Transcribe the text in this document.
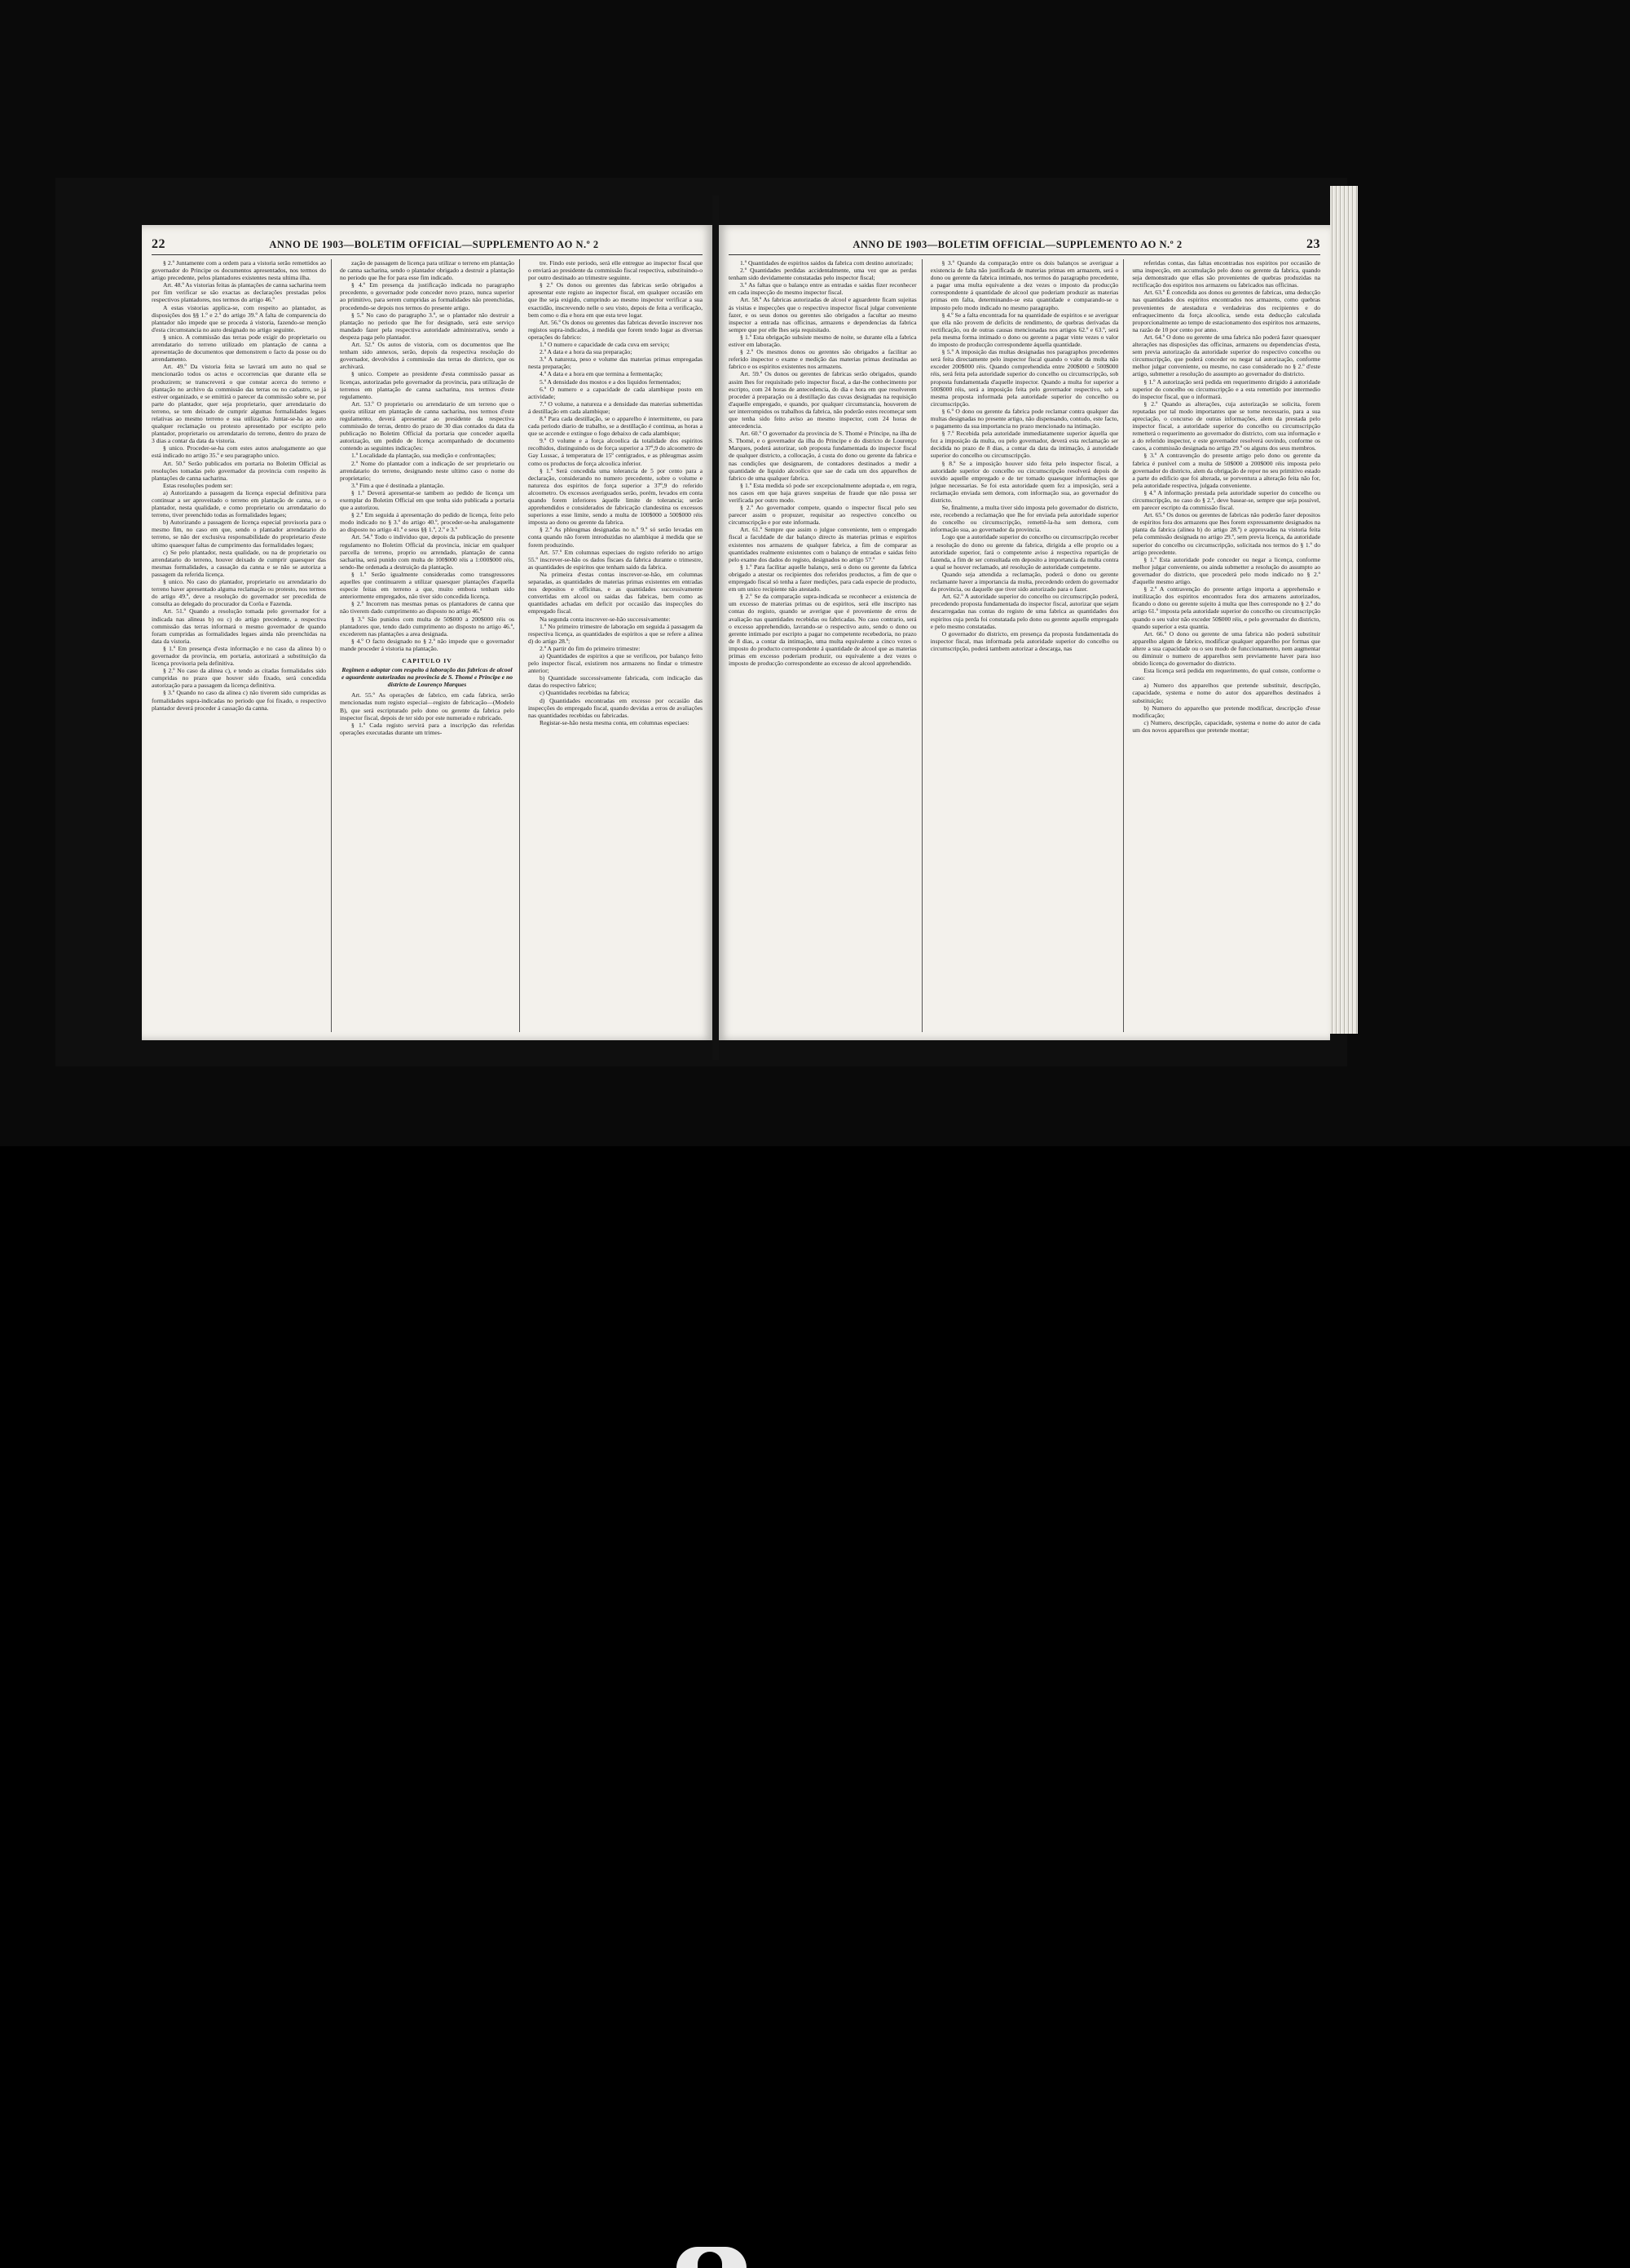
22	ANNO DE 1903—BOLETIM OFFICIAL—SUPPLEMENTO AO N.º 2

§ 2.º Juntamente com a ordem para a vistoria serão remettidos ao governador do Principe os documentos apresentados, nos termos do artigo precedente, pelos plantadores existentes nesta ultima ilha.

Art. 48.º As vistorias feitas ás plantações de canna sacharina teem por fim verificar se são exactas as declarações prestadas pelos respectivos plantadores, nos termos do artigo 46.º

A estas vistorias applica-se, com respeito ao plantador, as disposições dos §§ 1.º e 2.º do artigo 39.º A falta de comparencia do plantador não impede que se proceda á vistoria, fazendo-se menção d'esta circumstancia no auto designado no artigo seguinte.

§ unico. A commissão das terras pode exigir do proprietario ou arrendatario do terreno utilizado em plantação de canna a apresentação de documentos que demonstrem o facto da posse ou do arrendamento.

Art. 49.º Da vistoria feita se lavrará um auto no qual se mencionarão todos os actos e occorrencias que durante ella se produzirem; se transcreverá o que constar acerca do terreno e plantação no archivo da commissão das terras ou no cadastro, se já estiver organizado, e se emittirá o parecer da commissão sobre se, por parte do plantador, quer seja proprietario, quer arrendatario do terreno, se tem deixado de cumprir algumas formalidades legaes relativas ao mesmo terreno e sua utilização. Juntar-se-ha ao auto qualquer reclamação ou protesto apresentado por escripto pelo plantador, proprietario ou arrendatario do terreno, dentro do prazo de 3 dias a contar da data da vistoria.

§ unico. Proceder-se-ha com estes autos analogamente ao que está indicado no artigo 35.º e seu paragrapho unico.

Art. 50.º Serão publicados em portaria no Boletim Official as resoluções tomadas pelo governador da provincia com respeito ás plantações de canna sacharina.

Estas resoluções podem ser:

a) Autorizando a passagem da licença especial definitiva para continuar a ser aproveitado o terreno em plantação de canna, se o plantador, nesta qualidade, e como proprietario ou arrendatario do terreno, tiver preenchido todas as formalidades legaes;

b) Autorizando a passagem de licença especial provisoria para o mesmo fim, no caso em que, sendo o plantador arrendatario do terreno, se não der exclusiva responsabilidade do proprietario d'este ultimo quaesquer faltas de cumprimento das formalidades legaes;

c) Se pelo plantador, nesta qualidade, ou na de proprietario ou arrendatario do terreno, houver deixado de cumprir quaesquer das mesmas formalidades, a cassação da canna e se não se autoriza a passagem da referida licença.

§ unico. No caso do plantador, proprietario ou arrendatario do terreno haver apresentado alguma reclamação ou protesto, nos termos do artigo 49.º, deve a resolução do governador ser precedida de consulta ao delegado do procurador da Corôa e Fazenda.

Art. 51.º Quando a resolução tomada pelo governador for a indicada nas alineas b) ou c) do artigo precedente, a respectiva commissão das terras informará o mesmo governador de quando foram cumpridas as formalidades legaes ainda não preenchidas na data da vistoria.

§ 1.º Em presença d'esta informação e no caso da alinea b) o governador da provincia, em portaria, autorizará a substituição da licença provisoria pela definitiva.

§ 2.º No caso da alinea c), e tendo as citadas formalidades sido cumpridas no prazo que houver sido fixado, será concedida autorização para a passagem da licença definitiva.

§ 3.º Quando no caso da alinea c) não tiverem sido cumpridas as formalidades supra-indicadas no periodo que foi fixado, o respectivo plantador deverá proceder á cassação da canna.

zação de passagem de licença para utilizar o terreno em plantação de canna sacharina, sendo o plantador obrigado a destruir a plantação no periodo que lhe for para esse fim indicado.

§ 4.º Em presença da justificação indicada no paragrapho precedente, o governador pode conceder novo prazo, nunca superior ao primitivo, para serem cumpridas as formalidades não preenchidas, procedendo-se depois nos termos do presente artigo.

§ 5.º No caso do paragrapho 3.º, se o plantador não destruir a plantação no periodo que lhe for designado, será este serviço mandado fazer pela respectiva autoridade administrativa, sendo a despeza paga pelo plantador.

Art. 52.º Os autos de vistoria, com os documentos que lhe tenham sido annexos, serão, depois da respectiva resolução do governador, devolvidos á commissão das terras do districto, que os archivará.

§ unico. Compete ao presidente d'esta commissão passar as licenças, autorizadas pelo governador da provincia, para utilização de terrenos em plantação de canna sacharina, nos termos d'este regulamento.

Art. 53.º O proprietario ou arrendatario de um terreno que o queira utilizar em plantação de canna sacharina, nos termos d'este regulamento, deverá apresentar ao presidente da respectiva commissão de terras, dentro do prazo de 30 dias contados da data da publicação no Boletim Official da portaria que conceder aquella autorização, um pedido de licença acompanhado de documento contendo as seguintes indicações:

1.º Localidade da plantação, sua medição e confrontações;

2.º Nome do plantador com a indicação de ser proprietario ou arrendatario do terreno, designando neste ultimo caso o nome do proprietario;

3.º Fim a que é destinada a plantação.

§ 1.º Deverá apresentar-se tambem ao pedido de licença um exemplar do Boletim Official em que tenha sido publicada a portaria que a autorizou.

§ 2.º Em seguida á apresentação do pedido de licença, feito pelo modo indicado no § 3.º do artigo 40.º, proceder-se-ha analogamente ao disposto no artigo 41.º e seus §§ 1.º, 2.º e 3.º

Art. 54.º Todo o individuo que, depois da publicação do presente regulamento no Boletim Official da provincia, iniciar em qualquer parcella de terreno, proprio ou arrendado, plantação de canna sacharina, será punido com multa de 100$000 réis a 1:000$000 réis, sendo-lhe ordenada a destruição da plantação.

§ 1.º Serão igualmente consideradas como transgressores aquelles que continuarem a utilizar quaesquer plantações d'aquella especie feitas em terreno a que, muito embora tenham sido anteriormente empregados, não tiver sido concedida licença.

§ 2.º Incorrem nas mesmas penas os plantadores de canna que não tiverem dado cumprimento ao disposto no artigo 46.º

§ 3.º São punidos com multa de 50$000 a 200$000 réis os plantadores que, tendo dado cumprimento ao disposto no artigo 46.º, excederem nas plantações a area designada.

§ 4.º O facto designado no § 2.º não impede que o governador mande proceder á vistoria na plantação.

CAPITULO IV

Regimen a adoptar com respeito á laboração das fabricas de alcool e aguardente autorizadas na provincia de S. Thomé e Principe e no districto de Lourenço Marques

Art. 55.º As operações de fabrico, em cada fabrica, serão mencionadas num registo especial—registo de fabricação—(Modelo B), que será escripturado pelo dono ou gerente da fabrica pelo inspector fiscal, depois de ter sido por este numerado e rubricado.

§ 1.º Cada registo servirá para a inscripção das referidas operações executadas durante um trimes-

tre. Findo este periodo, será elle entregue ao inspector fiscal que o enviará ao presidente da commissão fiscal respectiva, substituindo-o por outro destinado ao trimestre seguinte.

§ 2.º Os donos ou gerentes das fabricas serão obrigados a apresentar este registo ao inspector fiscal, em qualquer occasião em que lhe seja exigido, cumprindo ao mesmo inspector verificar a sua exactidão, inscrevendo nelle o seu visto, depois de feita a verificação, bem como o dia e hora em que esta teve logar.

Art. 56.º Os donos ou gerentes das fabricas deverão inscrever nos registos supra-indicados, á medida que forem tendo logar as diversas operações do fabrico:

1.º O numero e capacidade de cada cuva em serviço;

2.º A data e a hora da sua preparação;

3.º A natureza, peso e volume das materias primas empregadas nesta preparação;

4.º A data e a hora em que termina a fermentação;

5.º A densidade dos mostos e a dos liquidos fermentados;

6.º O numero e a capacidade de cada alambique posto em actividade;

7.º O volume, a natureza e a densidade das materias submettidas á destillação em cada alambique;

8.º Para cada destillação, se o apparelho é intermittente, ou para cada periodo diario de trabalho, se a destillação é continua, as horas a que se accende e extingue o fogo debaixo de cada alambique;

9.º O volume e a força alcoolica da totalidade dos espiritos recolhidos, distinguindo os de força superior a 37º,9 do alcoometro de Gay Lussac, á temperatura de 15º centigrados, e as phleugmas assim como os productos de força alcoolica inferior.

§ 1.º Será concedida uma tolerancia de 5 por cento para a declaração, considerando no numero precedente, sobre o volume e natureza dos espiritos de força superior a 37º,9 do referido alcoometro. Os excessos averiguados serão, porém, levados em conta quando forem inferiores áquelle limite de tolerancia; serão apprehendidos e considerados de fabricação clandestina os excessos superiores a esse limite, sendo a multa de 100$000 a 500$000 réis imposta ao dono ou gerente da fabrica.

§ 2.º As phleugmas designadas no n.º 9.º só serão levadas em conta quando não forem introduzidas no alambique á medida que se forem produzindo.

Art. 57.º Em columnas especiaes do registo referido no artigo 55.º inscrever-se-hão os dados fiscaes da fabrica durante o trimestre, as quantidades de espiritos que tenham saido da fabrica.

Na primeira d'estas contas inscrever-se-hão, em columnas separadas, as quantidades de materias primas existentes em entradas nos depositos e officinas, e as quantidades successivamente convertidas em alcool ou saidas das fabricas, bem como as quantidades achadas em deficit por occasião das inspecções do empregado fiscal.

Na segunda conta inscrever-se-hão successivamente:

1.º No primeiro trimestre de laboração em seguida á passagem da respectiva licença, as quantidades de espiritos a que se refere a alinea d) do artigo 28.º;

2.º A partir do fim do primeiro trimestre:

a) Quantidades de espiritos a que se verificou, por balanço feito pelo inspector fiscal, existirem nos armazens no findar o trimestre anterior;

b) Quantidade successivamente fabricada, com indicação das datas do respectivo fabrico;

c) Quantidades recebidas na fabrica;

d) Quantidades encontradas em excesso por occasião das inspecções do empregado fiscal, quando devidas a erros de avaliações nas quantidades recebidas ou fabricadas.

Registar-se-hão nesta mesma conta, em columnas especiaes:

ANNO DE 1903—BOLETIM OFFICIAL—SUPPLEMENTO AO N.º 2	23

1.º Quantidades de espiritos saidos da fabrica com destino autorizado;

2.º Quantidades perdidas accidentalmente, uma vez que as perdas tenham sido devidamente constatadas pelo inspector fiscal;

3.º As faltas que o balanço entre as entradas e saidas fizer reconhecer em cada inspecção do mesmo inspector fiscal.

Art. 58.º As fabricas autorizadas de alcool e aguardente ficam sujeitas ás visitas e inspecções que o respectivo inspector fiscal julgar conveniente fazer, e os seus donos ou gerentes são obrigados a facultar ao mesmo inspector a entrada nas officinas, armazens e dependencias da fabrica sempre que por elle lhes seja requisitado.

§ 1.º Esta obrigação subsiste mesmo de noite, se durante ella a fabrica estiver em laboração.

§ 2.º Os mesmos donos ou gerentes são obrigados a facilitar ao referido inspector o exame e medição das materias primas destinadas ao fabrico e os espiritos existentes nos armazens.

Art. 59.º Os donos ou gerentes de fabricas serão obrigados, quando assim lhes for requisitado pelo inspector fiscal, a dar-lhe conhecimento por escripto, com 24 horas de antecedencia, do dia e hora em que resolverem proceder á preparação ou á destillação das cuvas designadas na requisição d'aquelle empregado, e quando, por qualquer circumstancia, houverem de ser interrompidos os trabalhos da fabrica, não poderão estes recomeçar sem que tenha sido feito aviso ao mesmo inspector, com 24 horas de antecedencia.

Art. 60.º O governador da provincia de S. Thomé e Principe, na ilha de S. Thomé, e o governador da ilha do Principe e do districto de Lourenço Marques, poderá autorizar, sob proposta fundamentada do inspector fiscal de qualquer districto, a collocação, á custa do dono ou gerente da fabrica e nas condições que designarem, de contadores destinados a medir a quantidade de liquido alcoolico que sae de cada um dos apparelhos de fabrico de uma qualquer fabrica.

§ 1.º Esta medida só pode ser excepcionalmente adoptada e, em regra, nos casos em que haja graves suspeitas de fraude que não possa ser verificada por outro modo.

§ 2.º Ao governador compete, quando o inspector fiscal pelo seu parecer assim o propuzer, requisitar ao respectivo concelho ou circumscripção e por este informada.

Art. 61.º Sempre que assim o julgue conveniente, tem o empregado fiscal a faculdade de dar balanço directo ás materias primas e espiritos existentes nos armazens de qualquer fabrica, a fim de comparar as quantidades realmente existentes com o balanço de entradas e saidas feito pelo exame dos dados do registo, designados no artigo 57.º

§ 1.º Para facilitar aquelle balanço, será o dono ou gerente da fabrica obrigado a atestar os recipientes dos referidos productos, a fim de que o empregado fiscal só tenha a fazer medições, para cada especie de producto, em um unico recipiente não atestado.

§ 2.º Se da comparação supra-indicada se reconhecer a existencia de um excesso de materias primas ou de espiritos, será elle inscripto nas contas do registo, quando se averigue que é proveniente de erros de avaliação nas quantidades recebidas ou fabricadas. No caso contrario, será o excesso apprehendido, lavrando-se o respectivo auto, sendo o dono ou gerente intimado por escripto a pagar no competente recebedoria, no prazo de 8 dias, a contar da intimação, uma multa equivalente a cinco vezes o imposto do producto correspondente á quantidade de alcool que as materias primas em excesso poderiam produzir, ou equivalente a dez vezes o imposto de producção correspondente ao excesso de alcool apprehendido.

§ 3.º Quando da comparação entre os dois balanços se averiguar a existencia de falta não justificada de materias primas em armazem, será o dono ou gerente da fabrica intimado, nos termos do paragrapho precedente, a pagar uma multa equivalente a dez vezes o imposto da producção correspondente á quantidade de alcool que poderiam produzir as materias primas em falta, determinando-se esta quantidade e comparando-se o imposto pelo modo indicado no mesmo paragrapho.

§ 4.º Se a falta encontrada for na quantidade de espiritos e se averiguar que ella não provem de deficits de rendimento, de quebras derivadas da rectificação, ou de outras causas mencionadas nos artigos 62.º e 63.º, será pela mesma forma intimado o dono ou gerente a pagar vinte vezes o valor do imposto de producção correspondente áquella quantidade.

§ 5.º A imposição das multas designadas nos paragraphos precedentes será feita directamente pelo inspector fiscal quando o valor da multa não exceder 200$000 réis. Quando comprehendida entre 200$000 e 500$000 réis, será feita pela autoridade superior do concelho ou circumscripção, sob proposta fundamentada d'aquelle inspector. Quando a multa for superior a 500$000 réis, será a imposição feita pelo governador respectivo, sob a mesma proposta informada pela autoridade superior do concelho ou circumscripção.

§ 6.º O dono ou gerente da fabrica pode reclamar contra qualquer das multas designadas no presente artigo, não dispensando, contudo, este facto, o pagamento da sua importancia no prazo mencionado na intimação.

§ 7.º Recebida pela autoridade immediatamente superior áquella que fez a imposição da multa, ou pelo governador, deverá esta reclamação ser decidida no prazo de 8 dias, a contar da data da intimação, á autoridade superior do concelho ou circumscripção.

§ 8.º Se a imposição houver sido feita pelo inspector fiscal, a autoridade superior do concelho ou circumscripção resolverá depois de ouvido aquelle empregado e de ter tomado quaesquer informações que julgue necessarias. Se foi esta autoridade quem fez a imposição, será a reclamação enviada sem demora, com informação sua, ao governador do districto.

Se, finalmente, a multa tiver sido imposta pelo governador do districto, este, recebendo a reclamação que lhe for enviada pela autoridade superior do concelho ou circumscripção, remettê-la-ha sem demora, com informação sua, ao governador da provincia.

Logo que a autoridade superior do concelho ou circumscripção receber a resolução do dono ou gerente da fabrica, dirigida a elle proprio ou a autoridade superior, fará o competente aviso á respectiva repartição de fazenda, a fim de ser consultada em deposito a importancia da multa contra a qual se houver reclamado, até resolução de autoridade competente.

Quando seja attendida a reclamação, poderá o dono ou gerente reclamante haver a importancia da multa, precedendo ordem do governador da provincia, ou daquelle que tiver sido autorizado para o fazer.

Art. 62.º A autoridade superior do concelho ou circumscripção poderá, precedendo proposta fundamentada do inspector fiscal, autorizar que sejam descarregadas nas contas do registo de uma fabrica as quantidades dos espiritos cuja perda foi constatada pelo dono ou gerente aquelle empregado e pelo mesmo constatadas.

O governador do districto, em presença da proposta fundamentada do inspector fiscal, mas informada pela autoridade superior do concelho ou circumscripção, poderá tambem autorizar a descarga, nas

referidas contas, das faltas encontradas nos espiritos por occasião de uma inspecção, em accumulação pelo dono ou gerente da fabrica, quando seja demonstrado que ellas são provenientes de quebras produzidas na rectificação dos espiritos nos armazens ou fabricados nas officinas.

Art. 63.º É concedida aos donos ou gerentes de fabricas, uma deducção nas quantidades dos espiritos encontrados nos armazens, como quebras provenientes de atestadura e verdadeiras dos recipientes e do enfraquecimento da força alcoolica, sendo esta deducção calculada proporcionalmente ao tempo de estacionamento dos espiritos nos armazens, na razão de 10 por cento por anno.

Art. 64.º O dono ou gerente de uma fabrica não poderá fazer quaesquer alterações nas disposições das officinas, armazens ou dependencias d'esta, sem previa autorização da autoridade superior do respectivo concelho ou circumscripção, que poderá conceder ou negar tal autorização, conforme melhor julgar conveniente, ou mesmo, no caso considerado no § 2.º d'este artigo, submetter a resolução do assumpto ao governador do districto.

§ 1.º A autorização será pedida em requerimento dirigido á autoridade superior do concelho ou circumscripção e a esta remettido por intermedio do inspector fiscal, que o informará.

§ 2.º Quando as alterações, cuja autorização se solicita, forem reputadas por tal modo importantes que se torne necessario, para a sua apreciação, o concurso de outras informações, alem da prestada pelo inspector fiscal, a autoridade superior do concelho ou circumscripção remetterá o requerimento ao governador do districto, com sua informação e a do referido inspector, e este governador resolverá ouvindo, conforme os casos, a commissão designada no artigo 29.º ou alguns dos seus membros.

§ 3.º A contravenção do presente artigo pelo dono ou gerente da fabrica é punível com a multa de 50$000 a 200$000 réis imposta pelo governador do districto, alem da obrigação de repor no seu primitivo estado a parte do edificio que foi alterada, se porventura a alteração feita não for, pela autoridade respectiva, julgada conveniente.

§ 4.º A informação prestada pela autoridade superior do concelho ou circumscripção, no caso do § 2.º, deve basear-se, sempre que seja possivel, em parecer escripto da commissão fiscal.

Art. 65.º Os donos ou gerentes de fabricas não poderão fazer depositos de espiritos fora dos armazens que lhes forem expressamente designados na planta da fabrica (alinea b) do artigo 28.º) e approvadas na vistoria feita pela commissão designada no artigo 29.º, sem previa licença, da autoridade superior do concelho ou circumscripção, solicitada nos termos do § 1.º do artigo precedente.

§ 1.º Esta autoridade pode conceder ou negar a licença, conforme melhor julgar conveniente, ou ainda submetter a resolução do assumpto ao governador do districto, que procederá pelo modo indicado no § 2.º d'aquelle mesmo artigo.

§ 2.º A contravenção do presente artigo importa a apprehensão e inutilização dos espiritos encontrados fora dos armazens autorizados, ficando o dono ou gerente sujeito á multa que lhes corresponde no § 2.º do artigo 61.º imposta pela autoridade superior do concelho ou circumscripção quando o seu valor não exceder 50$000 réis, e pelo governador do districto, quando superior a esta quantia.

Art. 66.º O dono ou gerente de uma fabrica não poderá substituir apparelho algum de fabrico, modificar qualquer apparelho por formas que altere a sua capacidade ou o seu modo de funccionamento, nem augmentar ou diminuir o numero de apparelhos sem previamente haver para isso obtido licença do governador do districto.

Esta licença será pedida em requerimento, do qual conste, conforme o caso:

a) Numero dos apparelhos que pretende substituir, descripção, capacidade, systema e nome do autor dos apparelhos destinados á substituição;

b) Numero do apparelho que pretende modificar, descripção d'esse modificação;

c) Numero, descripção, capacidade, systema e nome do autor de cada um dos novos apparelhos que pretende montar;
